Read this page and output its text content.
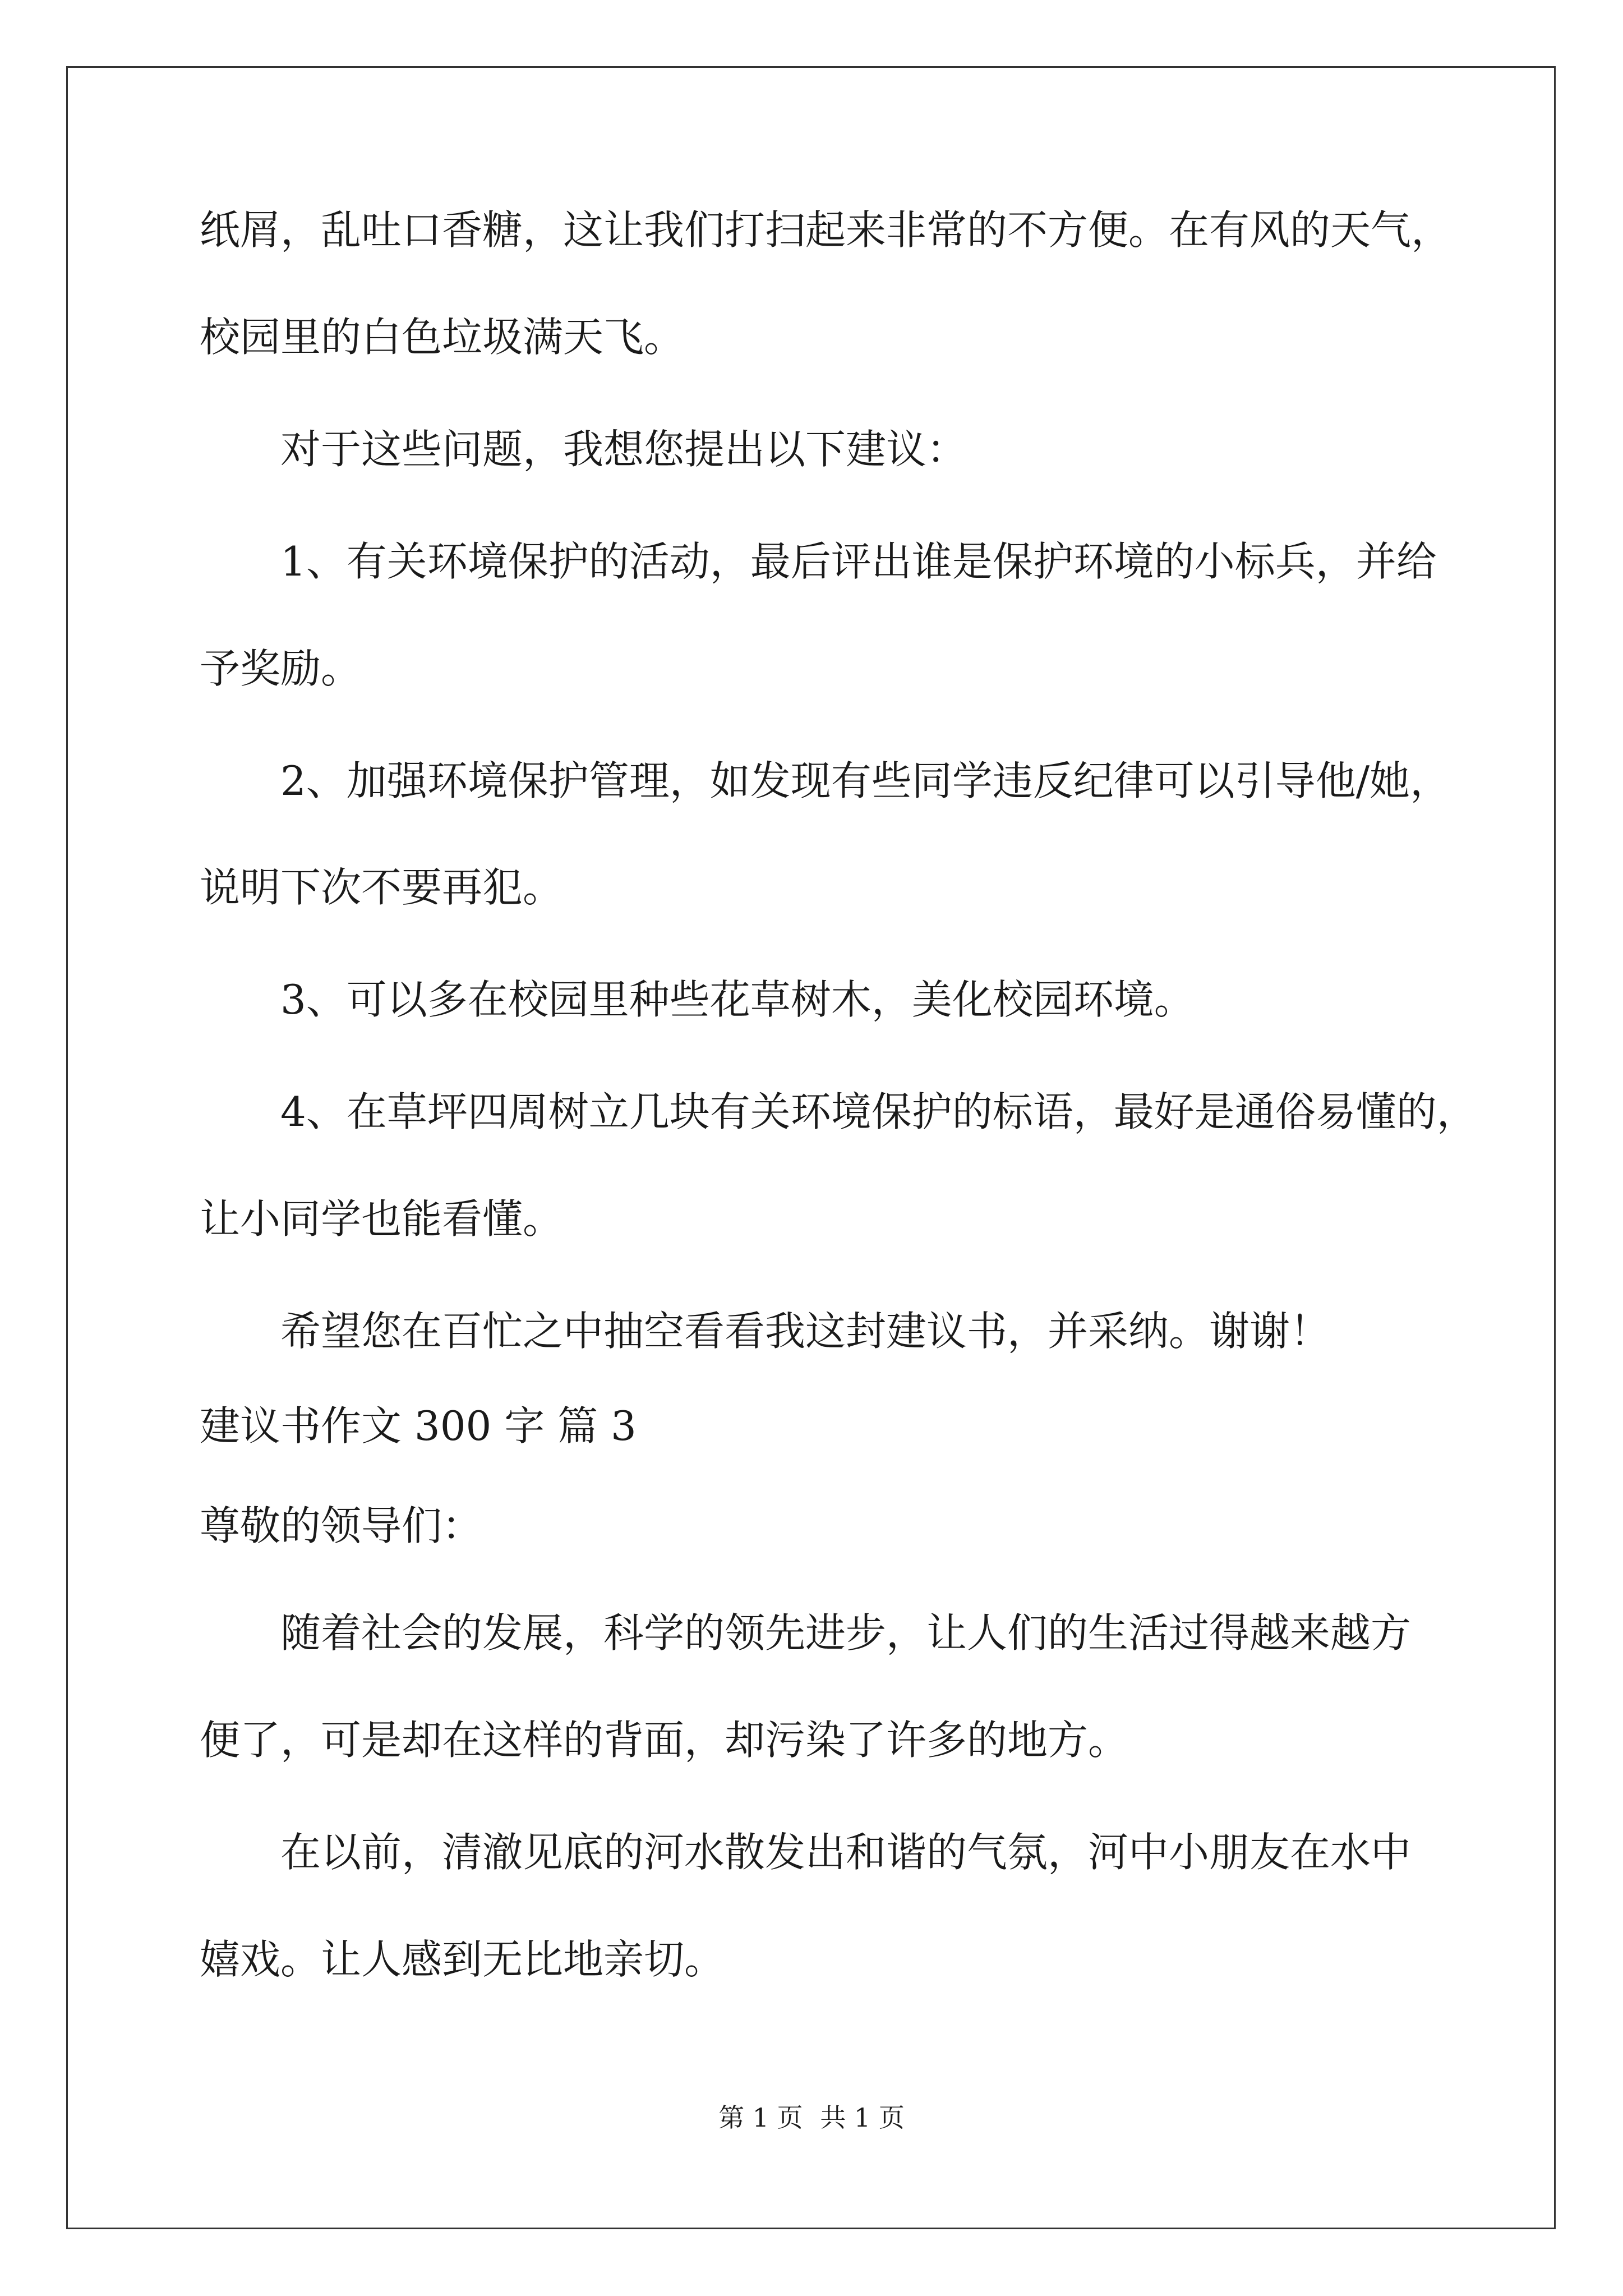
纸屑，乱吐口香糖，这让我们打扫起来非常的不方便。在有风的天气，
校园里的白色垃圾满天飞。
对于这些问题，我想您提出以下建议：
1、有关环境保护的活动，最后评出谁是保护环境的小标兵，并给
予奖励。
2、加强环境保护管理，如发现有些同学违反纪律可以引导他/她，
说明下次不要再犯。
3、可以多在校园里种些花草树木，美化校园环境。
4、在草坪四周树立几块有关环境保护的标语，最好是通俗易懂的，
让小同学也能看懂。
希望您在百忙之中抽空看看我这封建议书，并采纳。谢谢！
建议书作文 300 字 篇 3
尊敬的领导们：
随着社会的发展，科学的领先进步，让人们的生活过得越来越方
便了，可是却在这样的背面，却污染了许多的地方。
在以前，清澈见底的河水散发出和谐的气氛，河中小朋友在水中
嬉戏。让人感到无比地亲切。
第 1 页 共 1 页
